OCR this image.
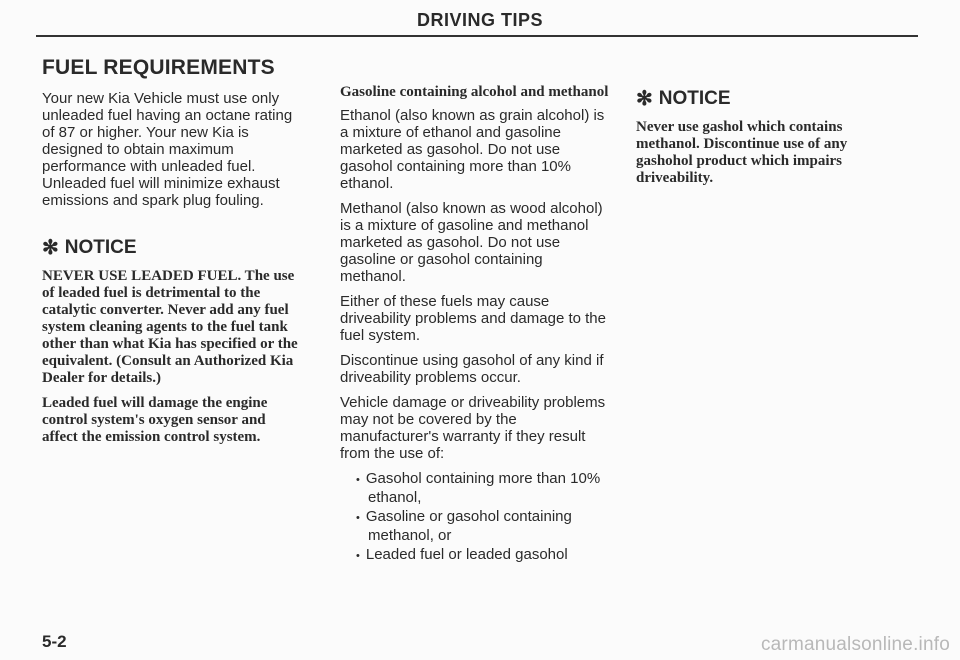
DRIVING TIPS
FUEL REQUIREMENTS

Your new Kia Vehicle must use only unleaded fuel having an octane rating of 87 or higher. Your new Kia is designed to obtain maximum performance with unleaded fuel. Unleaded fuel will minimize exhaust emissions and spark plug fouling.

✻ NOTICE

NEVER USE LEADED FUEL. The use of leaded fuel is detrimental to the catalytic converter. Never add any fuel system cleaning agents to the fuel tank other than what Kia has specified or the equivalent. (Consult an Authorized Kia Dealer for details.)

Leaded fuel will damage the engine control system's oxygen sensor and affect the emission control system.

Gasoline containing alcohol and methanol

Ethanol (also known as grain alcohol) is a mixture of ethanol and gasoline marketed as gasohol. Do not use gasohol containing more than 10% ethanol.

Methanol (also known as wood alcohol) is a mixture of gasoline and methanol marketed as gasohol. Do not use gasoline or gasohol containing methanol.

Either of these fuels may cause driveability problems and damage to the fuel system.

Discontinue using gasohol of any kind if driveability problems occur.

Vehicle damage or driveability problems may not be covered by the manufacturer's warranty if they result from the use of:

• Gasohol containing more than 10% ethanol,
• Gasoline or gasohol containing methanol, or
• Leaded fuel or leaded gasohol
✻ NOTICE

Never use gashol which contains methanol. Discontinue use of any gashohol product which impairs driveability.

5-2	carmanualsonline.info
